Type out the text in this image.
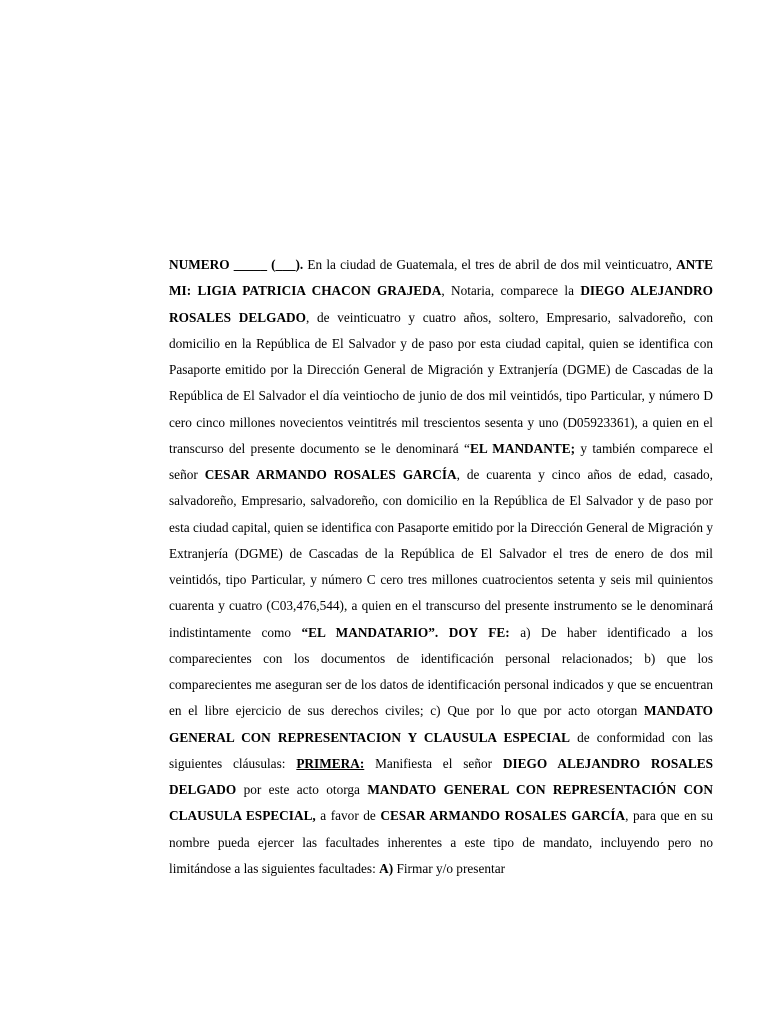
NUMERO _____ (___). En la ciudad de Guatemala, el tres de abril de dos mil veinticuatro, ANTE MI: LIGIA PATRICIA CHACON GRAJEDA, Notaria, comparece la DIEGO ALEJANDRO ROSALES DELGADO, de veinticuatro y cuatro años, soltero, Empresario, salvadoreño, con domicilio en la República de El Salvador y de paso por esta ciudad capital, quien se identifica con Pasaporte emitido por la Dirección General de Migración y Extranjería (DGME) de Cascadas de la República de El Salvador el día veintiocho de junio de dos mil veintidós, tipo Particular, y número D cero cinco millones novecientos veintitrés mil trescientos sesenta y uno (D05923361), a quien en el transcurso del presente documento se le denominará “EL MANDANTE; y también comparece el señor CESAR ARMANDO ROSALES GARCÍA, de cuarenta y cinco años de edad, casado, salvadoreño, Empresario, salvadoreño, con domicilio en la República de El Salvador y de paso por esta ciudad capital, quien se identifica con Pasaporte emitido por la Dirección General de Migración y Extranjería (DGME) de Cascadas de la República de El Salvador el tres de enero de dos mil veintidós, tipo Particular, y número C cero tres millones cuatrocientos setenta y seis mil quinientos cuarenta y cuatro (C03,476,544), a quien en el transcurso del presente instrumento se le denominará indistintamente como “EL MANDATARIO”. DOY FE: a) De haber identificado a los comparecientes con los documentos de identificación personal relacionados; b) que los comparecientes me aseguran ser de los datos de identificación personal indicados y que se encuentran en el libre ejercicio de sus derechos civiles; c) Que por lo que por acto otorgan MANDATO GENERAL CON REPRESENTACION Y CLAUSULA ESPECIAL de conformidad con las siguientes cláusulas: PRIMERA: Manifiesta el señor DIEGO ALEJANDRO ROSALES DELGADO por este acto otorga MANDATO GENERAL CON REPRESENTACIÓN CON CLAUSULA ESPECIAL, a favor de CESAR ARMANDO ROSALES GARCÍA, para que en su nombre pueda ejercer las facultades inherentes a este tipo de mandato, incluyendo pero no limitándose a las siguientes facultades: A) Firmar y/o presentar
